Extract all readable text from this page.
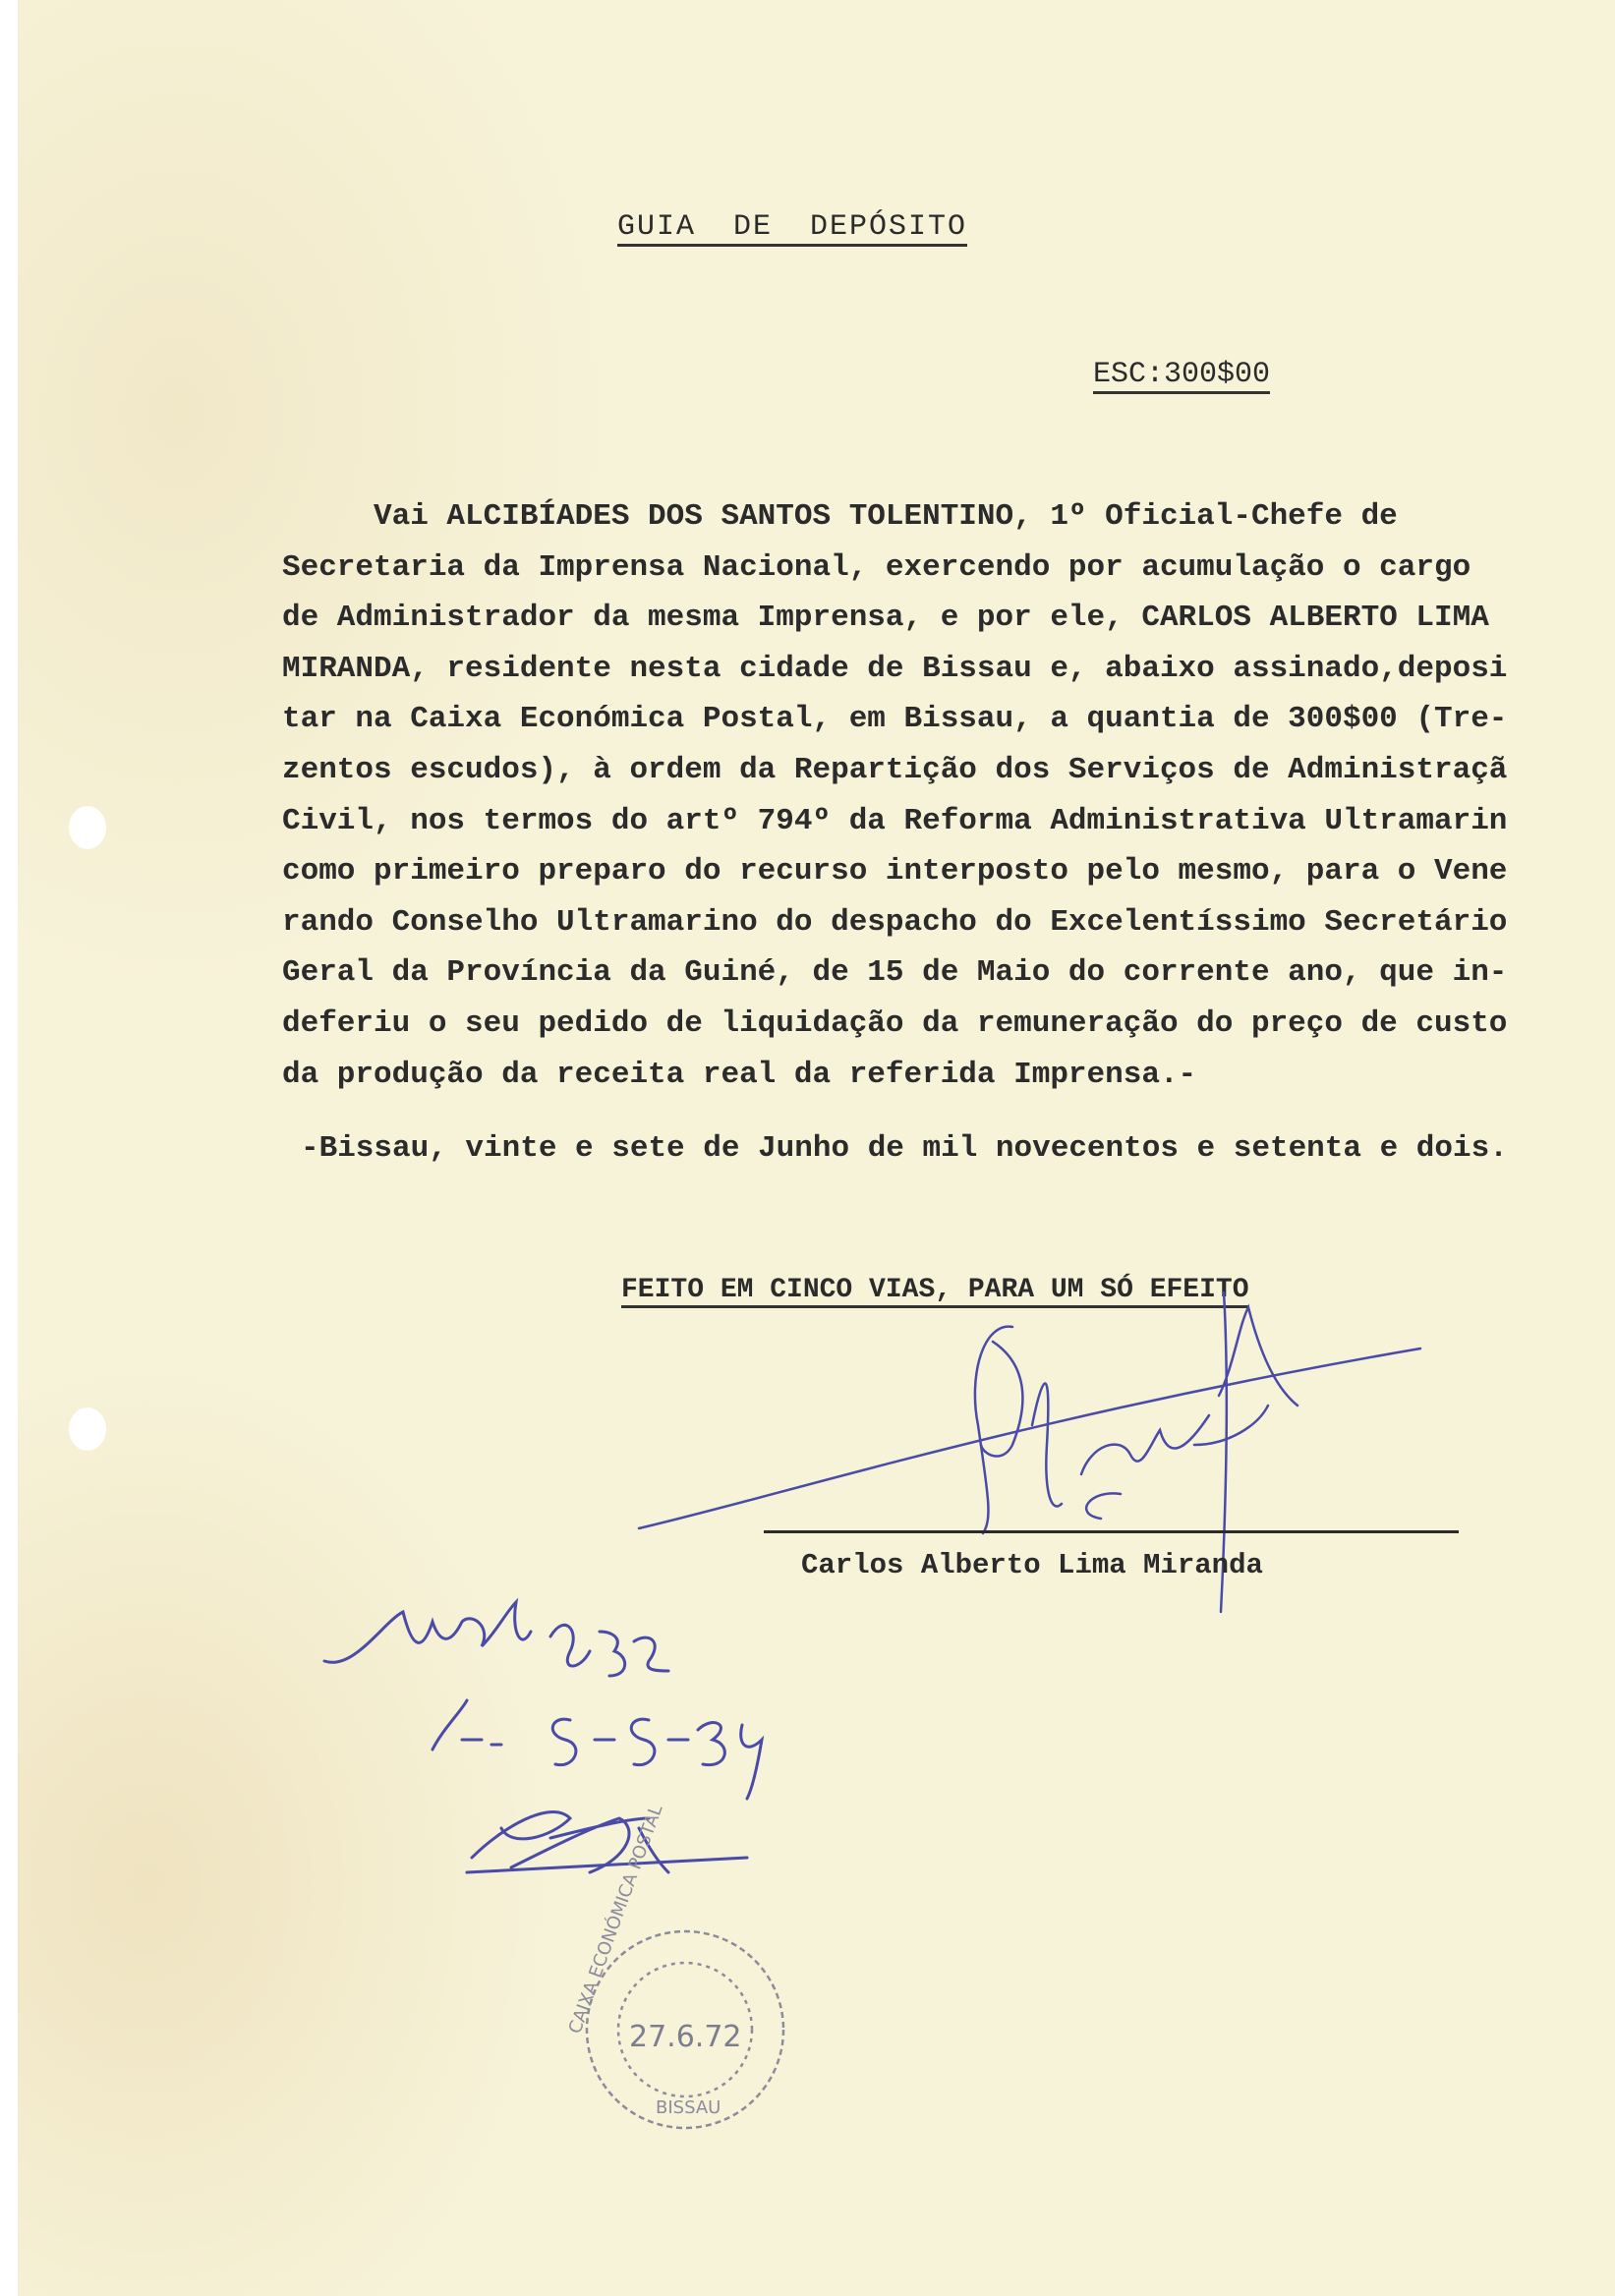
GUIA DE DEPÓSITO
ESC:300$00
Vai ALCIBÍADES DOS SANTOS TOLENTINO, 1º Oficial-Chefe de
Secretaria da Imprensa Nacional, exercendo por acumulação o cargo
de Administrador da mesma Imprensa, e por ele, CARLOS ALBERTO LIMA
MIRANDA, residente nesta cidade de Bissau e, abaixo assinado,deposi
tar na Caixa Económica Postal, em Bissau, a quantia de 300$00 (Tre-
zentos escudos), à ordem da Repartição dos Serviços de Administraçã
Civil, nos termos do artº 794º da Reforma Administrativa Ultramarin
como primeiro preparo do recurso interposto pelo mesmo, para o Vene
rando Conselho Ultramarino do despacho do Excelentíssimo Secretário
Geral da Província da Guiné, de 15 de Maio do corrente ano, que in-
deferiu o seu pedido de liquidação da remuneração do preço de custo
da produção da receita real da referida Imprensa.-
-Bissau, vinte e sete de Junho de mil novecentos e setenta e dois.
FEITO EM CINCO VIAS, PARA UM SÓ EFEITO
27.6.72
CAIXA ECONÓMICA POSTAL
BISSAU
Carlos Alberto Lima Miranda
